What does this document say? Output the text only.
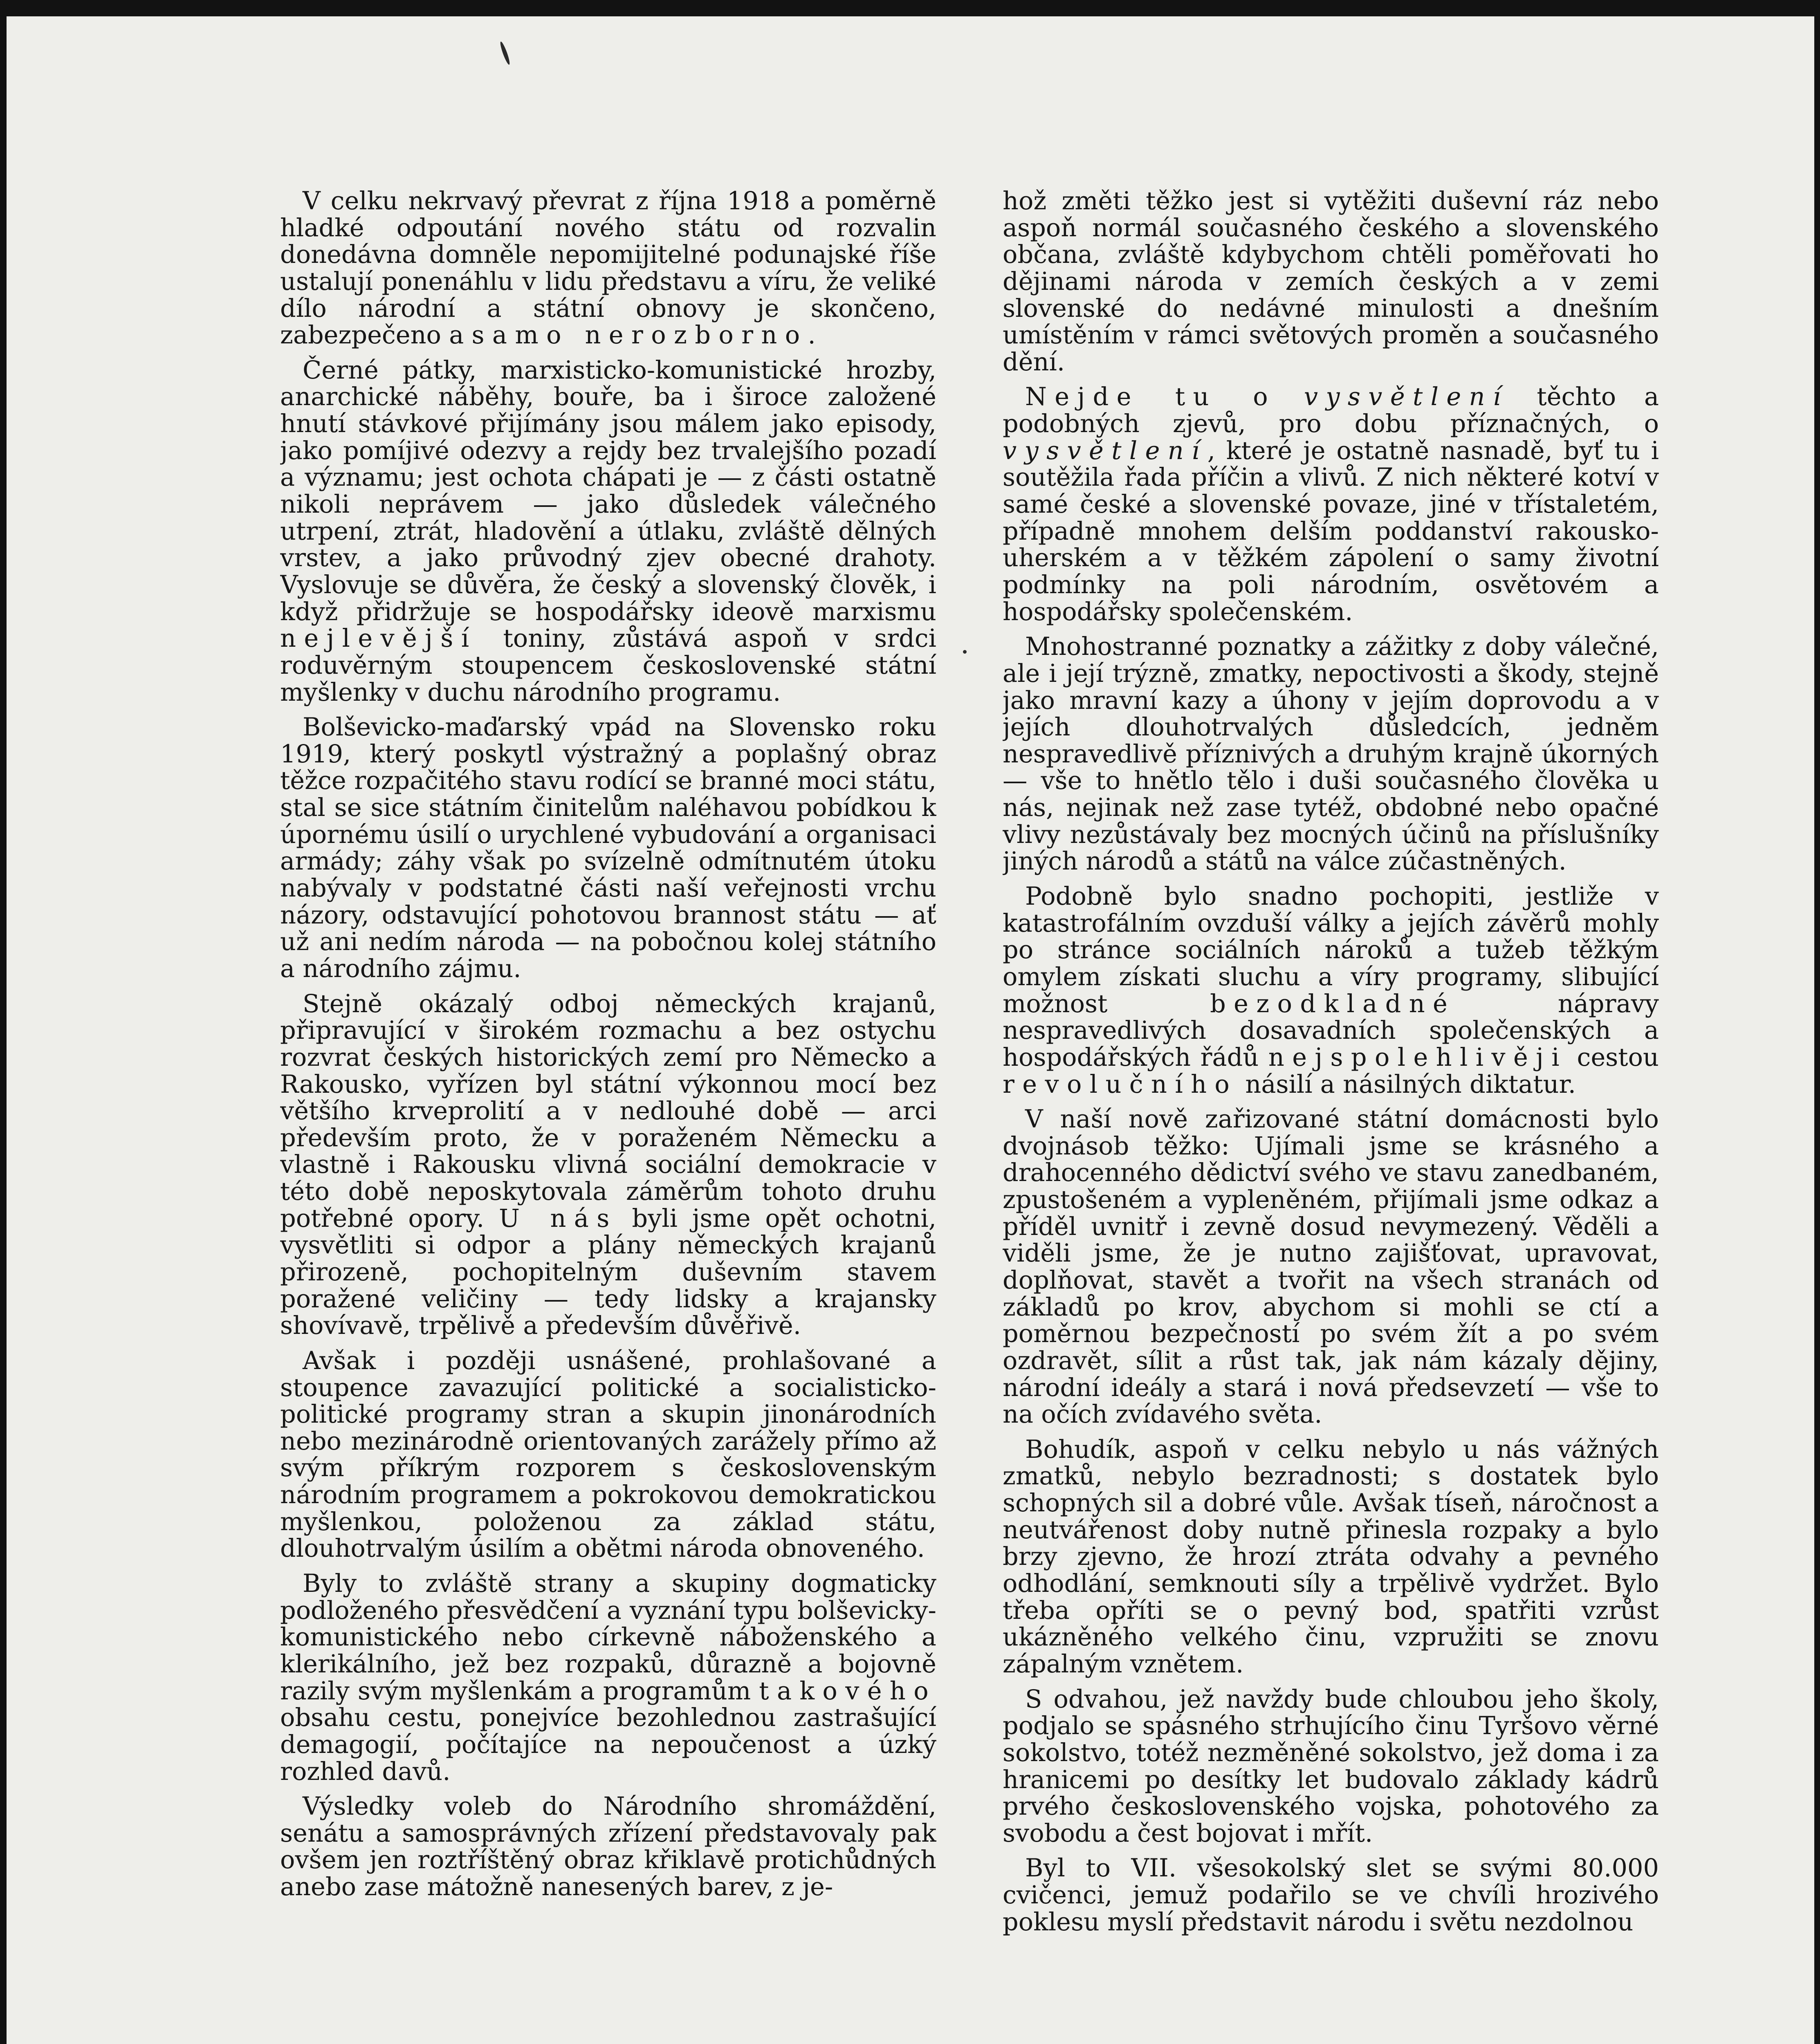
V celku nekrvavý převrat z října 1918 a poměrně hladké odpoutání nového státu od rozvalin donedávna domněle nepomijitelné podunajské říše ustalují ponenáhlu v lidu představu a víru, že veliké dílo národní a státní obnovy je skončeno, zabezpečeno a samo nerozborno.

Černé pátky, marxisticko-komunistické hrozby, anarchické náběhy, bouře, ba i široce založené hnutí stávkové přijímány jsou málem jako episody, jako pomíjivé odezvy a rejdy bez trvalejšího pozadí a významu; jest ochota chápati je — z části ostatně nikoli neprávem — jako důsledek válečného utrpení, ztrát, hladovění a útlaku, zvláště dělných vrstev, a jako průvodný zjev obecné drahoty. Vyslovuje se důvěra, že český a slovenský člověk, i když přidržuje se hospodářsky ideově marxismu nejlevější toniny, zůstává aspoň v srdci roduvěrným stoupencem československé státní myšlenky v duchu národního programu.

Bolševicko-maďarský vpád na Slovensko roku 1919, který poskytl výstražný a poplašný obraz těžce rozpačitého stavu rodící se branné moci státu, stal se sice státním činitelům naléhavou pobídkou k úpornému úsilí o urychlené vybudování a organisaci armády; záhy však po svízelně odmítnutém útoku nabývaly v podstatné části naší veřejnosti vrchu názory, odstavující pohotovou brannost státu — ať už ani nedím národa — na pobočnou kolej státního a národního zájmu.

Stejně okázalý odboj německých krajanů, připravující v širokém rozmachu a bez ostychu rozvrat českých historických zemí pro Německo a Rakousko, vyřízen byl státní výkonnou mocí bez většího krveprolití a v nedlouhé době — arci především proto, že v poraženém Německu a vlastně i Rakousku vlivná sociální demokracie v této době neposkytovala záměrům tohoto druhu potřebné opory. U nás byli jsme opět ochotni, vysvětliti si odpor a plány německých krajanů přirozeně, pochopitelným duševním stavem poražené veličiny — tedy lidsky a krajansky shovívavě, trpělivě a především důvěřivě.

Avšak i později usnášené, prohlašované a stoupence zavazující politické a socialisticko-politické programy stran a skupin jinonárodních nebo mezinárodně orientovaných zarážely přímo až svým příkrým rozporem s československým národním programem a pokrokovou demokratickou myšlenkou, položenou za základ státu, dlouhotrvalým úsilím a obětmi národa obnoveného.

Byly to zvláště strany a skupiny dogmaticky podloženého přesvědčení a vyznání typu bolševicky-komunistického nebo církevně náboženského a klerikálního, jež bez rozpaků, důrazně a bojovně razily svým myšlenkám a programům takového obsahu cestu, ponejvíce bezohlednou zastrašující demagogií, počítajíce na nepoučenost a úzký rozhled davů.

Výsledky voleb do Národního shromáždění, senátu a samosprávných zřízení představovaly pak ovšem jen roztříštěný obraz křiklavě protichůdných anebo zase mátožně nanesených barev, z je-

hož změti těžko jest si vytěžiti duševní ráz nebo aspoň normál současného českého a slovenského občana, zvláště kdybychom chtěli poměřovati ho dějinami národa v zemích českých a v zemi slovenské do nedávné minulosti a dnešním umístěním v rámci světových proměn a současného dění.

Nejde tu o vysvětlení těchto a podobných zjevů, pro dobu příznačných, o vysvětlení, které je ostatně nasnadě, byť tu i soutěžila řada příčin a vlivů. Z nich některé kotví v samé české a slovenské povaze, jiné v třístaletém, případně mnohem delším poddanství rakousko-uherském a v těžkém zápolení o samy životní podmínky na poli národním, osvětovém a hospodářsky společenském.

Mnohostranné poznatky a zážitky z doby válečné, ale i její trýzně, zmatky, nepoctivosti a škody, stejně jako mravní kazy a úhony v jejím doprovodu a v jejích dlouhotrvalých důsledcích, jedněm nespravedlivě příznivých a druhým krajně úkorných — vše to hnětlo tělo i duši současného člověka u nás, nejinak než zase tytéž, obdobné nebo opačné vlivy nezůstávaly bez mocných účinů na příslušníky jiných národů a států na válce zúčastněných.

Podobně bylo snadno pochopiti, jestliže v katastrofálním ovzduší války a jejích závěrů mohly po stránce sociálních nároků a tužeb těžkým omylem získati sluchu a víry programy, slibující možnost bezodkladné nápravy nespravedlivých dosavadních společenských a hospodářských řádů nejspolehlivěji cestou revolučního násilí a násilných diktatur.

V naší nově zařizované státní domácnosti bylo dvojnásob těžko: Ujímali jsme se krásného a drahocenného dědictví svého ve stavu zanedbaném, zpustošeném a vypleněném, přijímali jsme odkaz a příděl uvnitř i zevně dosud nevymezený. Věděli a viděli jsme, že je nutno zajišťovat, upravovat, doplňovat, stavět a tvořit na všech stranách od základů po krov, abychom si mohli se ctí a poměrnou bezpečností po svém žít a po svém ozdravět, sílit a růst tak, jak nám kázaly dějiny, národní ideály a stará i nová předsevzetí — vše to na očích zvídavého světa.

Bohudík, aspoň v celku nebylo u nás vážných zmatků, nebylo bezradnosti; s dostatek bylo schopných sil a dobré vůle. Avšak tíseň, náročnost a neutvářenost doby nutně přinesla rozpaky a bylo brzy zjevno, že hrozí ztráta odvahy a pevného odhodlání, semknouti síly a trpělivě vydržet. Bylo třeba opříti se o pevný bod, spatřiti vzrůst ukázněného velkého činu, vzpružiti se znovu zápalným vznětem.

S odvahou, jež navždy bude chloubou jeho školy, podjalo se spásného strhujícího činu Tyršovo věrné sokolstvo, totéž nezměněné sokolstvo, jež doma i za hranicemi po desítky let budovalo základy kádrů prvého československého vojska, pohotového za svobodu a čest bojovat i mřít.

Byl to VII. všesokolský slet se svými 80.000 cvičenci, jemuž podařilo se ve chvíli hrozivého poklesu myslí představit národu i světu nezdolnou
